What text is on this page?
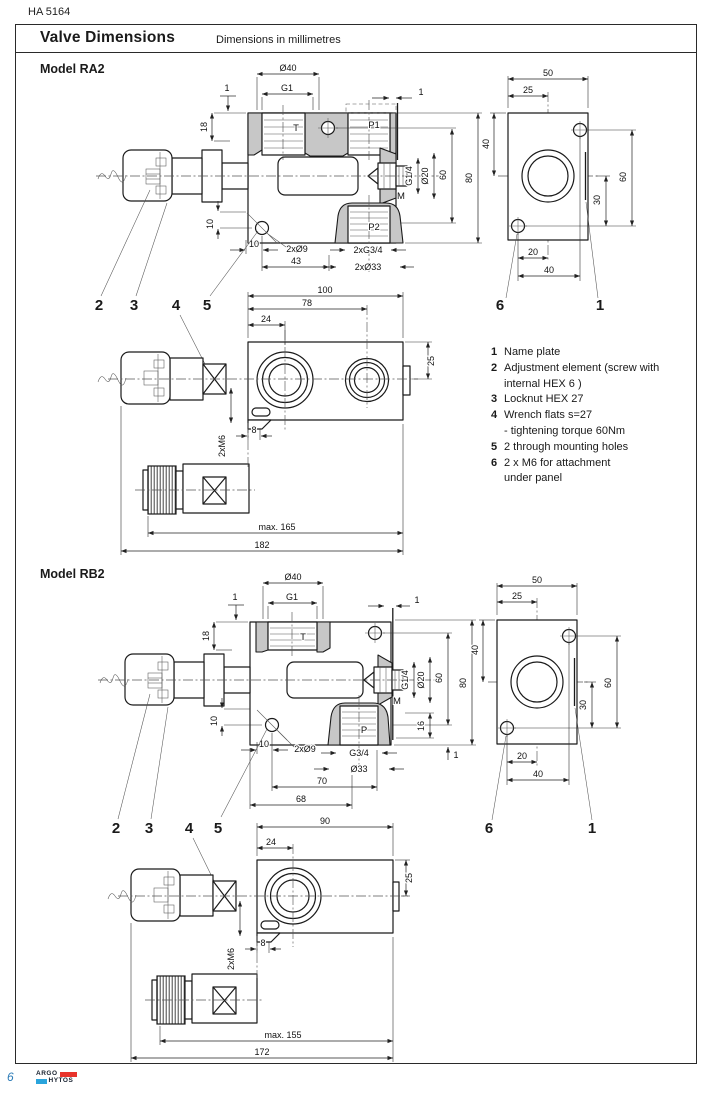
HA 5164
Valve Dimensions	Dimensions in millimetres
Model RA2
Model RB2
Ø40
G1
1
18
1
G1/4 Ø20 60 80
10
10	2xØ9
43
2xG3/4
2xØ33
T	P1
P2
M
50
25
40
60
30
20
40
2 3 4 5	6	1
100
78
24
25
8
2xM6
max. 165
182
1 Name plate
2 Adjustment element (screw with
internal HEX 6 )
3 Locknut HEX 27
4 Wrench flats s=27
- tightening torque 60Nm
5 2 through mounting holes
6 2 x M6 for attachment
under panel
Ø40
G1
1
18
1
G1/4 Ø20 60 80
16
1
10
10	2xØ9	G3/4
Ø33
70
68
T
P
M
50
25
40
60
30
20
40
2 3 4 5	6	1
90
24
25
8
2xM6
max. 155
172
6	ARGO
HYTOS
